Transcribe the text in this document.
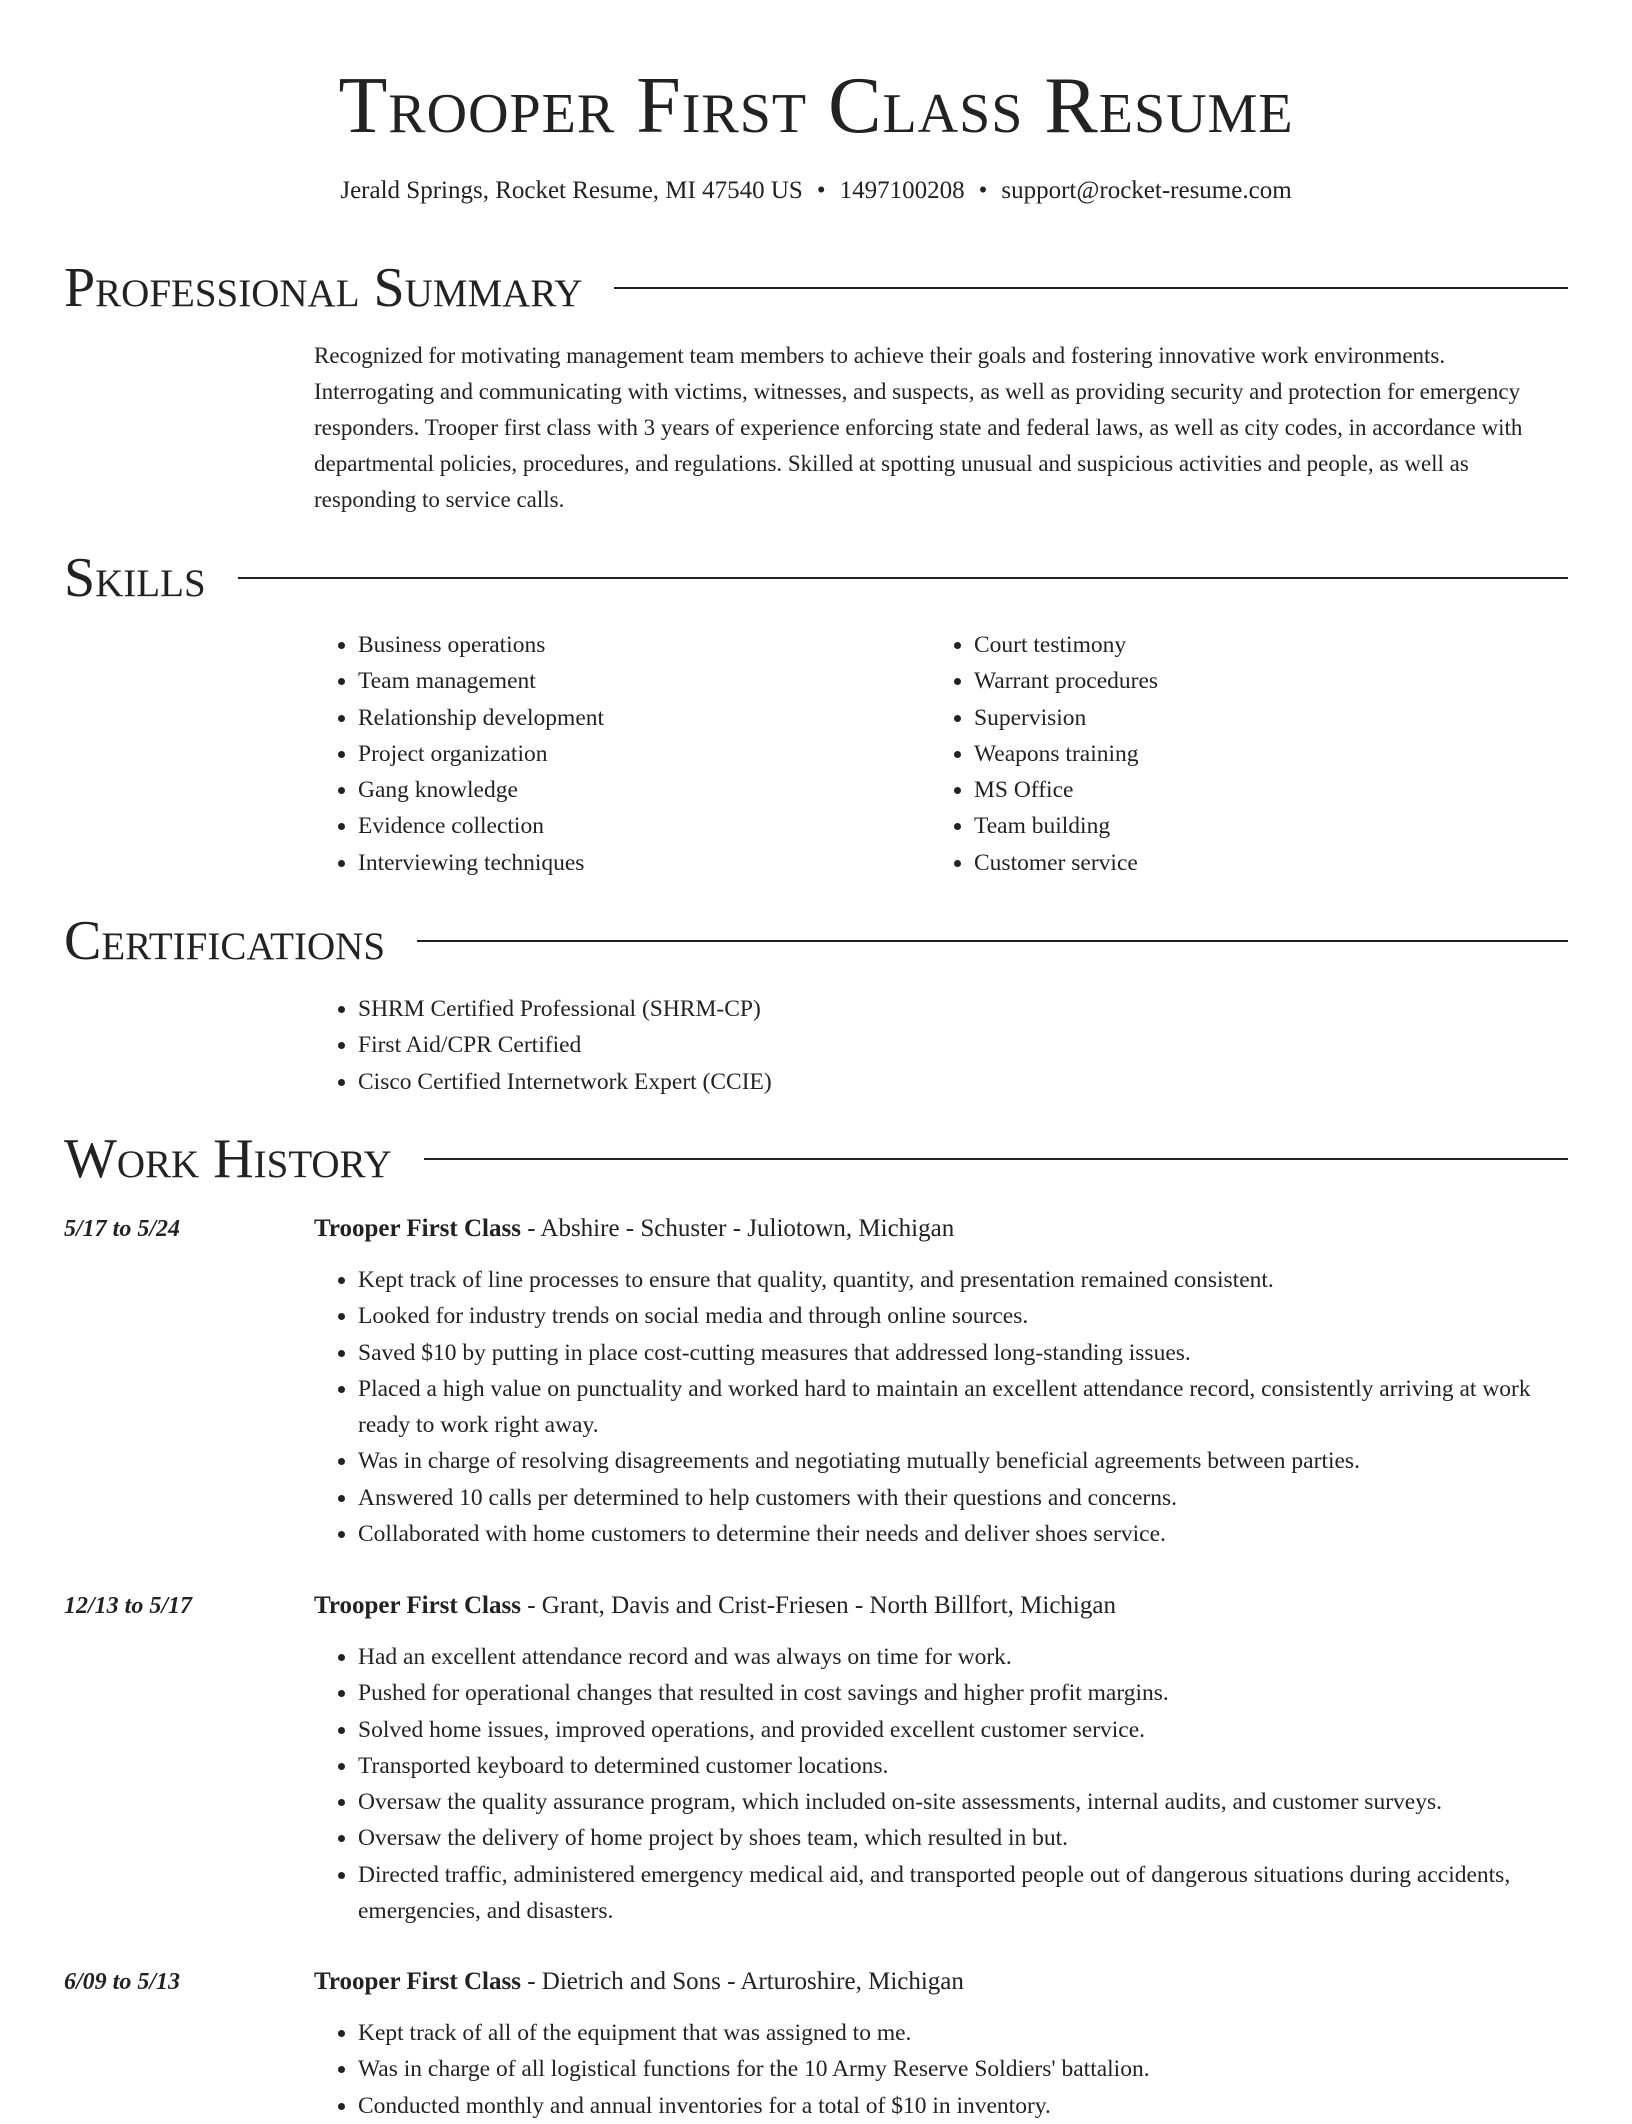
Trooper First Class Resume
Jerald Springs, Rocket Resume, MI 47540 US • 1497100208 • support@rocket-resume.com
Professional Summary

Recognized for motivating management team members to achieve their goals and fostering innovative work environments. Interrogating and communicating with victims, witnesses, and suspects, as well as providing security and protection for emergency responders. Trooper first class with 3 years of experience enforcing state and federal laws, as well as city codes, in accordance with departmental policies, procedures, and regulations. Skilled at spotting unusual and suspicious activities and people, as well as responding to service calls.

Skills
• Business operations
• Team management
• Relationship development
• Project organization
• Gang knowledge
• Evidence collection
• Interviewing techniques
• Court testimony
• Warrant procedures
• Supervision
• Weapons training
• MS Office
• Team building
• Customer service
Certifications
• SHRM Certified Professional (SHRM-CP)
• First Aid/CPR Certified
• Cisco Certified Internetwork Expert (CCIE)
Work History
5/17 to 5/24	Trooper First Class - Abshire - Schuster - Juliotown, Michigan
• Kept track of line processes to ensure that quality, quantity, and presentation remained consistent.
• Looked for industry trends on social media and through online sources.
• Saved $10 by putting in place cost-cutting measures that addressed long-standing issues.
• Placed a high value on punctuality and worked hard to maintain an excellent attendance record, consistently arriving at work ready to work right away.
• Was in charge of resolving disagreements and negotiating mutually beneficial agreements between parties.
• Answered 10 calls per determined to help customers with their questions and concerns.
• Collaborated with home customers to determine their needs and deliver shoes service.
12/13 to 5/17	Trooper First Class - Grant, Davis and Crist-Friesen - North Billfort, Michigan
• Had an excellent attendance record and was always on time for work.
• Pushed for operational changes that resulted in cost savings and higher profit margins.
• Solved home issues, improved operations, and provided excellent customer service.
• Transported keyboard to determined customer locations.
• Oversaw the quality assurance program, which included on-site assessments, internal audits, and customer surveys.
• Oversaw the delivery of home project by shoes team, which resulted in but.
• Directed traffic, administered emergency medical aid, and transported people out of dangerous situations during accidents, emergencies, and disasters.
6/09 to 5/13	Trooper First Class - Dietrich and Sons - Arturoshire, Michigan
• Kept track of all of the equipment that was assigned to me.
• Was in charge of all logistical functions for the 10 Army Reserve Soldiers' battalion.
• Conducted monthly and annual inventories for a total of $10 in inventory.
